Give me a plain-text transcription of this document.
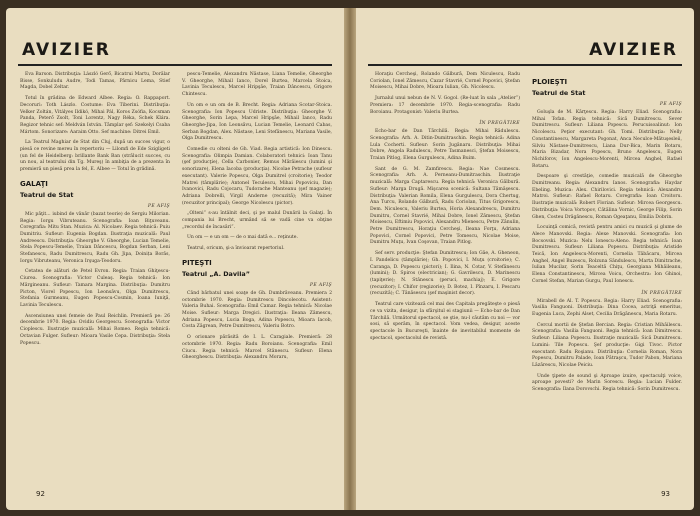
AVIZIER

Eva Barson. Distribuţia: László Gerő, Bicatrui Martu, Dorălar Bisse, Sonkuludu Audre, Todi Tamas, Pârnicu Lema, Stief Magda, Dobel Zeltar.

Totul în grădina de Edward Albee. Regia: O. Rappaport. Decoruri: Toth Lászlo. Costume: Eva Tiberini. Distribuţia: Velker Zoltán, Vitályes Ildikó, Mihai Pál, Koros Zsófia, Kocsman Panda, Peterő Zsolt, Toni Lorentz, Nagy Réka, Schek Klára. Regizor tehnic sef: Meldván István. Tâmplar şef: Szekelyi Csaba Mártom. Sonorizare: Aaraim Otto. Sef machine: Ditrei Emil.

La Teatrul Maghiar de Stat din Cluj, după un succes vigur, o piesă ce revine mereu în repertoriu — Lilomfi de Ede Szigligeti (un fel de Heidelberg: brillante Bank Ban (strălucit succes, cu un nou, al teatrului din Tg. Mureş) în ambiţia de a prezenta în premieră un piesă prea la fel, E. Albee — Totul în grădină.

GALAŢI
Teatrul de Stat
PE AFIŞ

Mic păţit... iubind de vânăr (bazat teorie) de Sergiu Milorian. Regia: Iorgu Vibruteanu. Scenografia: Ioan Biţuveanu. Coregrafia: Mitu Stan. Muzica: Al. Nicolaev. Regia tehnică: Puiu Dumitriu. Sufleur: Eugenia Bogdan. Ilustraţia muzicală: Paul Andreescu. Distribuţia: Gheorghe V. Gheorghe, Lucian Temelie, Stela Popescu-Temelie, Traian Dâncescu, Bogdan Serban, Leni Stefanescu, Radu Dumitrescu, Radu Gh. Jipa, Doinița Borăs, Iorgu Vibruteanu, Veronica Irşuga-Teodoru.

Cetatea de alături de Petel Evron. Regia: Traian Ghiţescu-Ciurea. Scenografia: Victor Culeaş. Regia tehnică: Ion Mărgineanu. Sufleur: Tamara Margina. Distribuţia: Dumitru Picton, Viorel Popescu, Ion Leonsăvu, Olga Dumitrescu, Stefania Gurmeanu, Eugen Popescu-Cosmin, Ioana Iuniţă, Lavinia Teculescu.

Ascensiunea unei femeie de Paul Reichlin. Premieră pe: 26 decembrie 1970. Regia: Ovidiu Georgescu. Scenografia: Victor Cioplescu. Ilustraţie muzicală: Mihai Romeo. Regia tehnică: Octavian Fulger. Sufleur: Mioara Vasile Cepa. Distribuţia: Stela Popescu.

pescu-Temelie, Alexandru Năstase, Liana Temelie, Gheorghe V. Gheorghe, Mihail Ianco, Dorel Burtea, Marcela Stoica, Lavinia Teculescu, Marcel Hripşăe, Traian Dâncescu, Grigore Chintescu.

Un om e un om de B. Brecht. Regia: Adriana Scotar-Stoica. Scenografia: Ion Popescu Udriste. Distribuţia: Gheorghe V. Gheorghe, Sorin Lepa, Marcel Hripşăe, Mihail Ianco, Radu Gheorghe-Jipa, Ion Leonsăvu, Lucian Temelie, Leonard Cabas, Serban Bogdan, Alex. Năstase, Leni Stefănescu, Mariana Vasile, Olga Dumitrescu.

Comedie cu olteni de Gh. Viad. Regia artistică: Ion Dinescu. Scenografia: Olimpia Damian. Colaboratori tehnici: Ioan Tanu (şef producţie), Cella Carbonier, Remus Mărăiescu (lumini şi sonorizare), Elena Iacoba (producţia). Nicolae Petrache (sufleur executant). Valerie Popescu, Olga Dumitrel (croitorie); Teodor Matrei (tâmplărie); Antonel Teculescu, Mihai Popoviciu, Dan Ivanovici, Radu Cojocaru, Tudorache Manteanu (şef magazie); Adriana Dobrelli, Virgil Anderne (recuzită); Mira Vainer (recuzitor principal); George Nicolescu (pictor).

„Olteni” s-au întâlnit deci, şi pe malul Dunării la Galaţi. În compania lui Brecht, urmând să se vadă cine va obţine „recordul de încasări”.

Un om — e un om — de o mai dată e... reţinute.

Teatrul, oricum, şi-a învioarat repertoriul.

PITEŞTI
Teatrul „A. Davila”
PE AFIŞ

Când bărbatul unei soaţe de Gh. Dumbrăveanu. Premiera 2 octombrie 1970. Regia: Dumitrescu Dincolecotu. Asistent: Valeria Buhai. Scenografia: Emil Camar. Regia tehnică: Nicolae Moise. Sufleur: Marga Dregici. Ilustraţia: Ileana Zămescu, Adriana Popescu, Lucia Boga, Adina Popescu, Mioara Iacob, Costa Zăgrean, Petre Dumitrescu, Valeriu Botro.

O orionare părăsită de I. L. Caragiale. Premieră: 28 octombrie 1970. Regia: Radu Boroianu. Scenografia: Emil Ciucu. Regia tehnică: Marcel Stănescu. Sufleur: Elena Gheorghescu. Distribuţia: Alexandru Moraru,

92
AVIZIER

Horaţiu Cercheşi, Rolando Gălbură, Dem Niculescu, Radu Coriolan, Ionel Zămescu, Cazar Stavrié, Cornel Popovici, Ştefan Moisescu, Mihai Dobre, Mioara Iulian, Gh. Nicolescu.

Jurnalul unui nebun de N. V. Gogol. (Re-luat în sala „Atelier”) Premiera: 17 decembrie 1970. Regia-scenografia: Radu Boroianu. Protagonist: Valeriu Burtea.

ÎN PREGĂTIRE

Echo-bar de Dan Tărchilă. Regia: Mihai Rădulescu. Scenografia: Arh. A. Ditin-Dumitraschin. Regia tehnică: Adina Lula Cocherti. Sufleur: Sorin Jugănaru. Distribuţia: Mihai Dobre, Angela Radulescu, Petre Tasmanesci, Ştefan Moisescu, Traian Pitlog, Elena Gurgulescu, Adina Buim.

Sant de G. M. Zamfirescu. Regia: Nae Cosmescu. Scenografia: Arh. A. Perneanu-Dumitraschin. Ilustraţie muzicală: Marga Captarescu. Regia tehnică: Veronica Gălbură. Sufleur: Marga Drugă. Mişcarea scenică: Sultana Tămăşescu. Distribuţia: Valerian Romila, Elena Gurgulescu, Dora Chertug, Ana Turcu, Rolando Gălbură, Radu Coriolan, Titus Grigorescu, Dem. Niculescu, Valeriu Burtea, Horia Alexandrescu, Dumitru Dumitru, Cornel Stavrié, Mihai Dobre, Ionel Zămescu, Ştefan Moisescu, Eftimiu Popovici, Alexandru Mienescu, Petre Zănulin, Petre Dumitrescu, Horaţiu Cercheşi, Ileana Forţu, Adriana Popovici, Cornel Popovici, Petre Tomescu, Nicolae Moise, Dumitru Muţu, Ivan Coşovan, Traian Pitlog.

Sef serv. producţie: Ştefan Dumitrescu; Ion Găe, A. Gheneon, I. Pandelicu (tâmplărie); Gh. Popovici, I. Muţu (croitorie); C. Caranga, D. Popescu (pictori); I. Ilina, N. Cotar, V. Stefănescu (lumini); D. Spiros (electrician); G. Gavrilescu, D. Marinescu (tapiţerie); N. Stănescu (peruci, machiaj); E. Grigore (recuzitor); I. Chifor (regizorie); D. Botez, I. Pînzaru, I. Pescaru (recuzită); C. Tănăsescu (şef maşinist decor).

Teatrul care vizitează cel mai des Capitala pregăteşte o piesă ce va vizita, desigur, la sfârşitul ei stagiunii — Echo-bar de Dan Tărchilă. Următorul spectacol, se ştie, nu-l căutăm cu noi — vor sosi, să sperăm, în spectacol. Vom vedea, desigur, aceste spectacole în Bucureşti, înainte de inevitabilul momente de spectacol, spectacolul de revistă.

PLOIEŞTI
Teatrul de Stat
PE AFIŞ

Goluşla de M. Kărţescu. Regia: Harry Eliad. Scenografia: Mihai Tofan. Regia tehnică: Sică Dumitrescu. Sever Dumitrescu. Sufleur: Liliana Popescu. Perucuisoalinut: Ion Nicolescu. Peţior executant: Gh. Tomi. Distribuţia: Nelly Constantinescu, Margareta Pogonat, Anca Neculce-Mătuşesleii, Silviu Năstase-Dumitrescu, Liana Dur-Bica, Marin Botaru, Maria Bizadar, Nora Popescu, Bruno Angelescu, Eugen Nichiforov, Ion Angelescu-Morenti, Mircea Anghel, Rafael Rotaru.

Despoare şi crestăţie, comedie muzicală de Gheorghe Dumitreanu. Regia: Alexandru Ianos. Scenografia: Haydar Ebeling. Muzica: Alex. Chirilovici. Regia tehnică: Alexandru Matroi. Sufleur: Rafael Rotaru. Coregrafia: Ioan Croitoru. Ilustraţie muzicală: Robert Florian. Sufleur: Mircea Georgescu. Distribuţia: Voica Vortopov, Cătălina Vornic, George Filip, Sorin Ghen, Costeu Drăgănescu, Roman Ogeaţanu, Emilia Dobrin.

Locuinţă comică, revistă pentru amici cu muzică şi glume de Alece Manovski. Regia: Alexe Manovski. Scenografia: Ion Bocsovski. Muzica: Nelu Ionescu-Aleno. Regia tehnică: Ioan Dumitrescu. Sufleur: Liliana Popescu. Distribuţia: Aristide Teică, Ion Angelescu-Morenti, Cornelia Tăbăcaru, Mircea Anghel, Angel Buzescu, Rolzuna Săndulescu, Marta Dimitrache, Iulian Mucilar, Sorin Teaceltă Chiţu, Georgiana Mihăileanu, Elena Constantinescu, Mircea Voicu, Orchestra: Ion Ghinoi, Cornel Stefan, Marian Gurgu, Paul Ionescu.

ÎN PREGĂTIRE

Mirabell de Al. T. Popescu. Regia: Harry Eliad. Scenografia: Vasilia Fanguoni. Distribuţia: Dina Cocea, actriţă emeritus, Eugenia Luca, Zephi Alset, Cecilia Drăgănescu, Maria Rotaru.

Cercul mortii de Ştefan Bercian. Regia: Cristian Mihăilescu. Scenografia: Vasilia Fanguoni. Regia tehnică: Ioan Dimitrescu. Sufleur: Liliana Popescu. Ilustraţie muzicală: Sică Dumitrescu. Lumini: Tile Popescu. Şef producţie: Gigi Tivoc. Pictor executant: Radu Roşianu. Distribuţia: Cornelia Roman, Nora Popescu, Dumitru Palade, Ioan Pătraşcu, Tudor Pabon, Mariana Lăzărescu, Nicolae Peiciu.

Unde ţipete de sound şi Aproape izuire, spectaculţi voice, aproape povesti? de Marin Sorescu. Regia: Lucian Fulder. Scenografia: Ilana Dorovschi. Regia tehnică: Sorin Dumitrescu.

93
